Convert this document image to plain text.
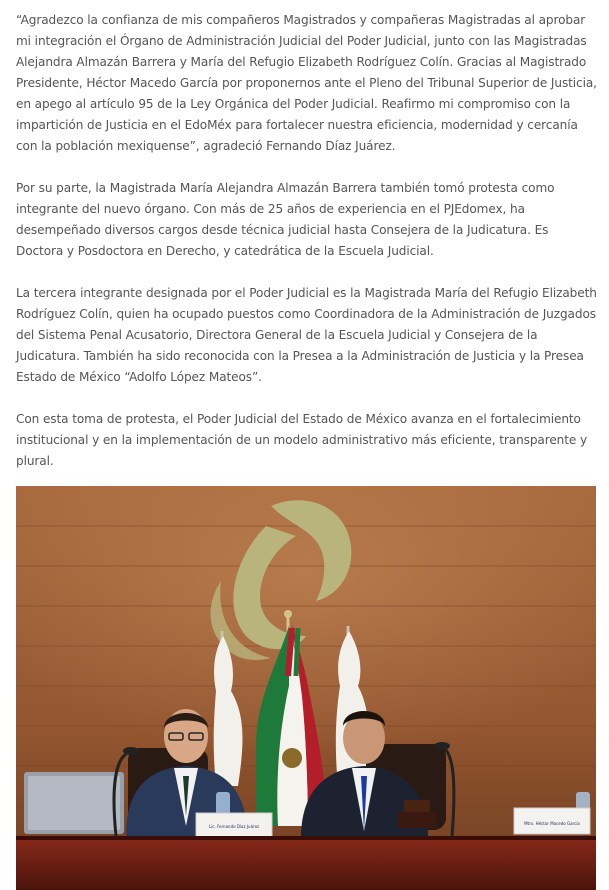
“Agradezco la confianza de mis compañeros Magistrados y compañeras Magistradas al aprobar mi integración el Órgano de Administración Judicial del Poder Judicial, junto con las Magistradas Alejandra Almazán Barrera y María del Refugio Elizabeth Rodríguez Colín. Gracias al Magistrado Presidente, Héctor Macedo García por proponernos ante el Pleno del Tribunal Superior de Justicia, en apego al artículo 95 de la Ley Orgánica del Poder Judicial. Reafirmo mi compromiso con la impartición de Justicia en el EdoMéx para fortalecer nuestra eficiencia, modernidad y cercanía con la población mexiquense”, agradeció Fernando Díaz Juárez.

Por su parte, la Magistrada María Alejandra Almazán Barrera también tomó protesta como integrante del nuevo órgano. Con más de 25 años de experiencia en el PJEdomex, ha desempeñado diversos cargos desde técnica judicial hasta Consejera de la Judicatura. Es Doctora y Posdoctora en Derecho, y catedrática de la Escuela Judicial.

La tercera integrante designada por el Poder Judicial es la Magistrada María del Refugio Elizabeth Rodríguez Colín, quien ha ocupado puestos como Coordinadora de la Administración de Juzgados del Sistema Penal Acusatorio, Directora General de la Escuela Judicial y Consejera de la Judicatura. También ha sido reconocida con la Presea a la Administración de Justicia y la Presea Estado de México “Adolfo López Mateos”.

Con esta toma de protesta, el Poder Judicial del Estado de México avanza en el fortalecimiento institucional y en la implementación de un modelo administrativo más eficiente, transparente y plural.

Lic. Fernando Díaz Juárez
Mtro. Héctor Macedo García
